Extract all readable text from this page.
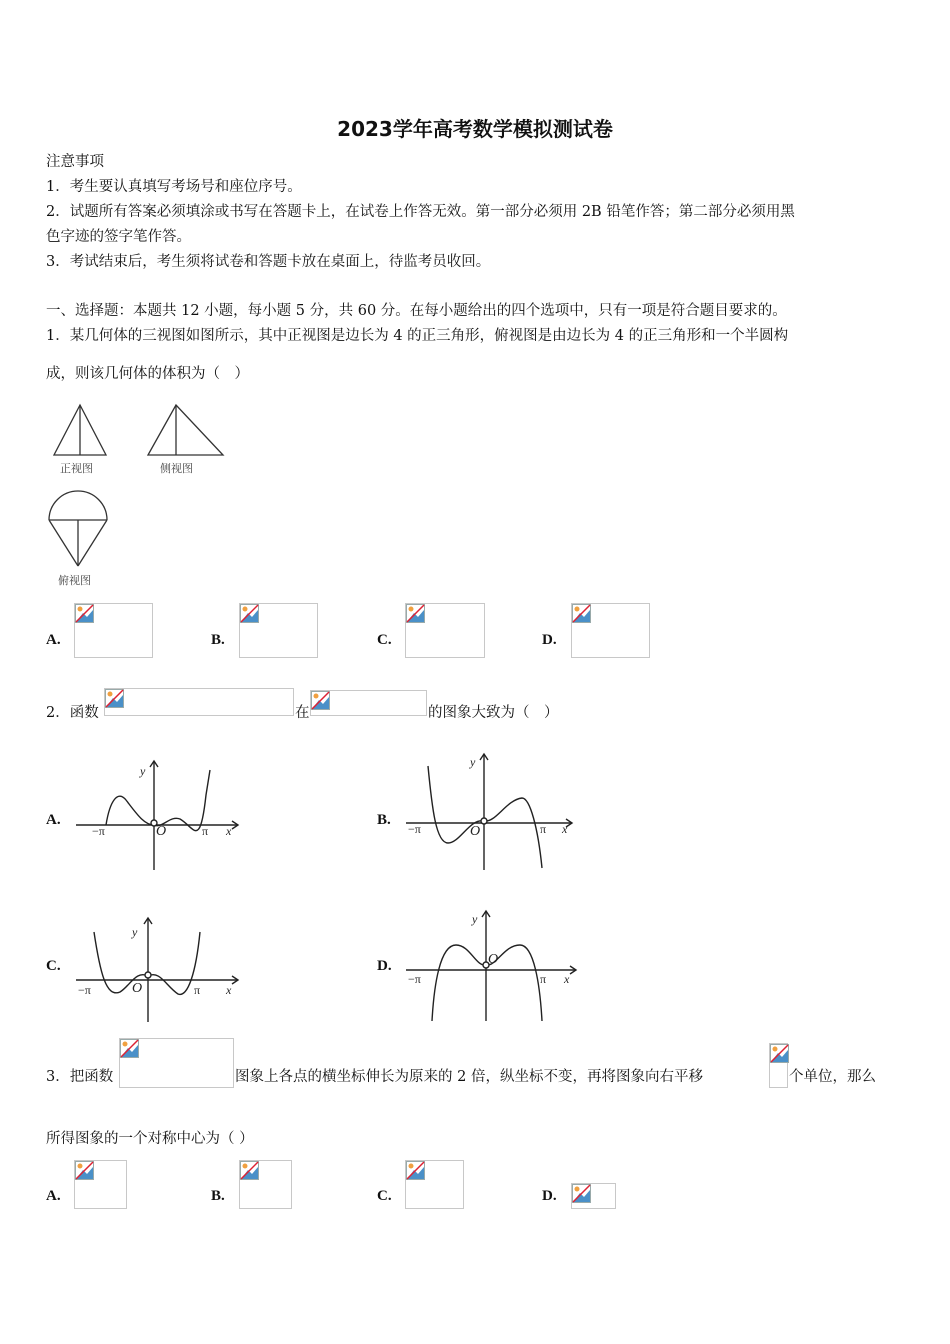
2023学年高考数学模拟测试卷
注意事项
1．考生要认真填写考场号和座位序号。
2．试题所有答案必须填涂或书写在答题卡上，在试卷上作答无效。第一部分必须用 2B 铅笔作答；第二部分必须用黑
色字迹的签字笔作答。
3．考试结束后，考生须将试卷和答题卡放在桌面上，待监考员收回。
一、选择题：本题共 12 小题，每小题 5 分，共 60 分。在每小题给出的四个选项中，只有一项是符合题目要求的。
1．某几何体的三视图如图所示，其中正视图是边长为 4 的正三角形，俯视图是由边长为 4 的正三角形和一个半圆构
成，则该几何体的体积为（　）
正视图	侧视图
俯视图
A.	B.	C.	D.
2．函数	在	的图象大致为（　）
A.
y
x
O
−π	π
B.
y
x
O
−π	π
C.
y
x
O
−π	π
D.
y
x
O
−π	π
3．把函数	图象上各点的横坐标伸长为原来的 2 倍，纵坐标不变，再将图象向右平移	个单位，那么
所得图象的一个对称中心为（ ）
A.	B.	C.	D.
